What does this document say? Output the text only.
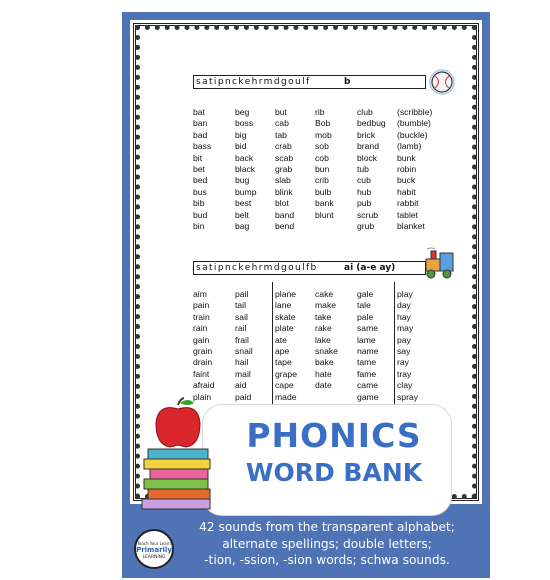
satipnckehrmdgoulf	b
bat
ban
bad
bass
bit
bet
bed
bus
bib
bud
bin
beg
boss
big
bid
back
black
bug
bump
best
belt
bag
but
cab
tab
crab
scab
grab
slab
blink
blot
band
bend
rib
Bob
mob
sob
cob
bun
crib
bulb
bank
blunt
club
bedbug
brick
brand
block
tub
cub
hub
pub
scrub
grub
(scribble)
(bumble)
(buckle)
(lamb)
bunk
robin
buck
habit
rabbit
tablet
blanket
satipnckehrmdgoulfb	ai (a-e ay)
aim
pain
train
rain
gain
grain
drain
faint
afraid
plain
pail
tail
sail
rail
frail
snail
hail
mail
aid
paid
plane
lane
skate
plate
ate
ape
tape
grape
cape
made
cake
make
take
rake
lake
snake
bake
hate
date
gale
tale
pale
same
lame
name
tame
fame
came
game
play
day
hay
may
pay
say
ray
tray
clay
spray
PHONICS
WORD BANK
Teach Your Learn
Primarily
LEARNING
42 sounds from the transparent alphabet;
alternate spellings; double letters;
-tion, -ssion, -sion words; schwa sounds.
